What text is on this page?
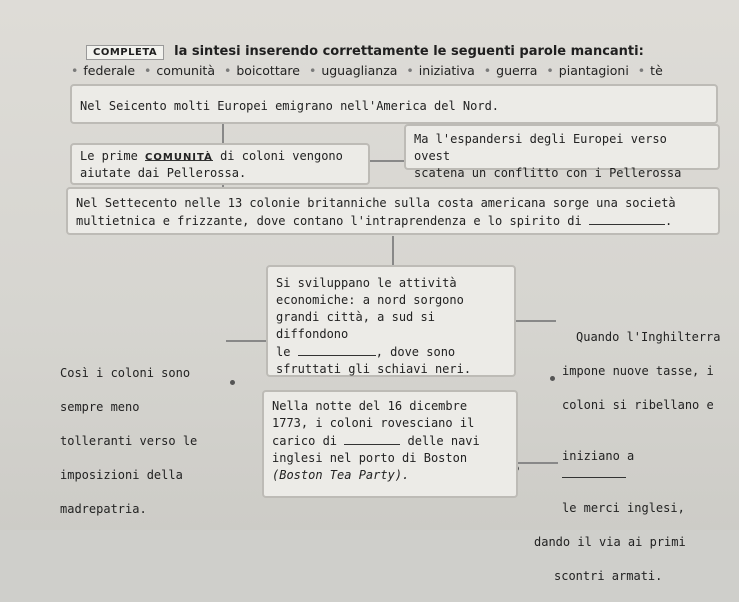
COMPLETA la sintesi inserendo correttamente le seguenti parole mancanti:
• federale • comunità • boicottare • uguaglianza • iniziativa • guerra • piantagioni • tè
Nel Seicento molti Europei emigrano nell'America del Nord.
Le prime COMUNITÀ di coloni vengono
aiutate dai Pellerossa.
Ma l'espandersi degli Europei verso ovest
scatena un conflitto con i Pellerossa
Nel Settecento nelle 13 colonie britanniche sulla costa americana sorge una società
multietnica e frizzante, dove contano l'intraprendenza e lo spirito di	.
Si sviluppano le attività
economiche: a nord sorgono
grandi città, a sud si diffondono
le	, dove sono
sfruttati gli schiavi neri.

Così i coloni sono

sempre meno

tolleranti verso le

imposizioni della

madrepatria.

Quando l'Inghilterra

impone nuove tasse, i

coloni si ribellano e

iniziano a

le merci inglesi,

dando il via ai primi

scontri armati.

Nella notte del 16 dicembre
1773, i coloni rovesciano il
carico di	delle navi
inglesi nel porto di Boston
(Boston Tea Party).
